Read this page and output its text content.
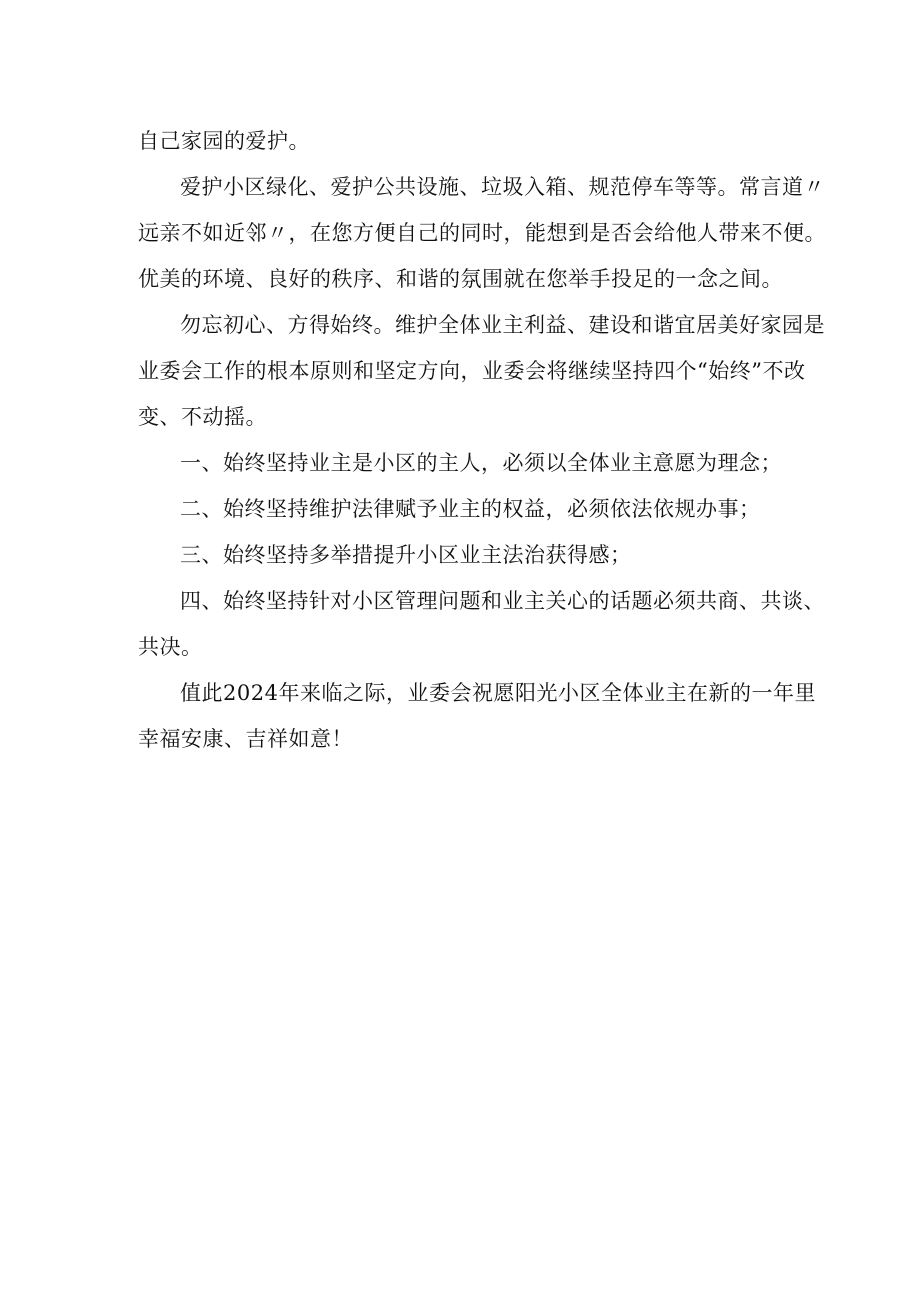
自己家园的爱护。

爱护小区绿化、爱护公共设施、垃圾入箱、规范停车等等。常言道〃
远亲不如近邻〃，在您方便自己的同时，能想到是否会给他人带来不便。
优美的环境、良好的秩序、和谐的氛围就在您举手投足的一念之间。

勿忘初心、方得始终。维护全体业主利益、建设和谐宜居美好家园是
业委会工作的根本原则和坚定方向，业委会将继续坚持四个“始终”不改
变、不动摇。

一、始终坚持业主是小区的主人，必须以全体业主意愿为理念；

二、始终坚持维护法律赋予业主的权益，必须依法依规办事；

三、始终坚持多举措提升小区业主法治获得感；

四、始终坚持针对小区管理问题和业主关心的话题必须共商、共谈、
共决。

值此2024年来临之际，业委会祝愿阳光小区全体业主在新的一年里
幸福安康、吉祥如意！
